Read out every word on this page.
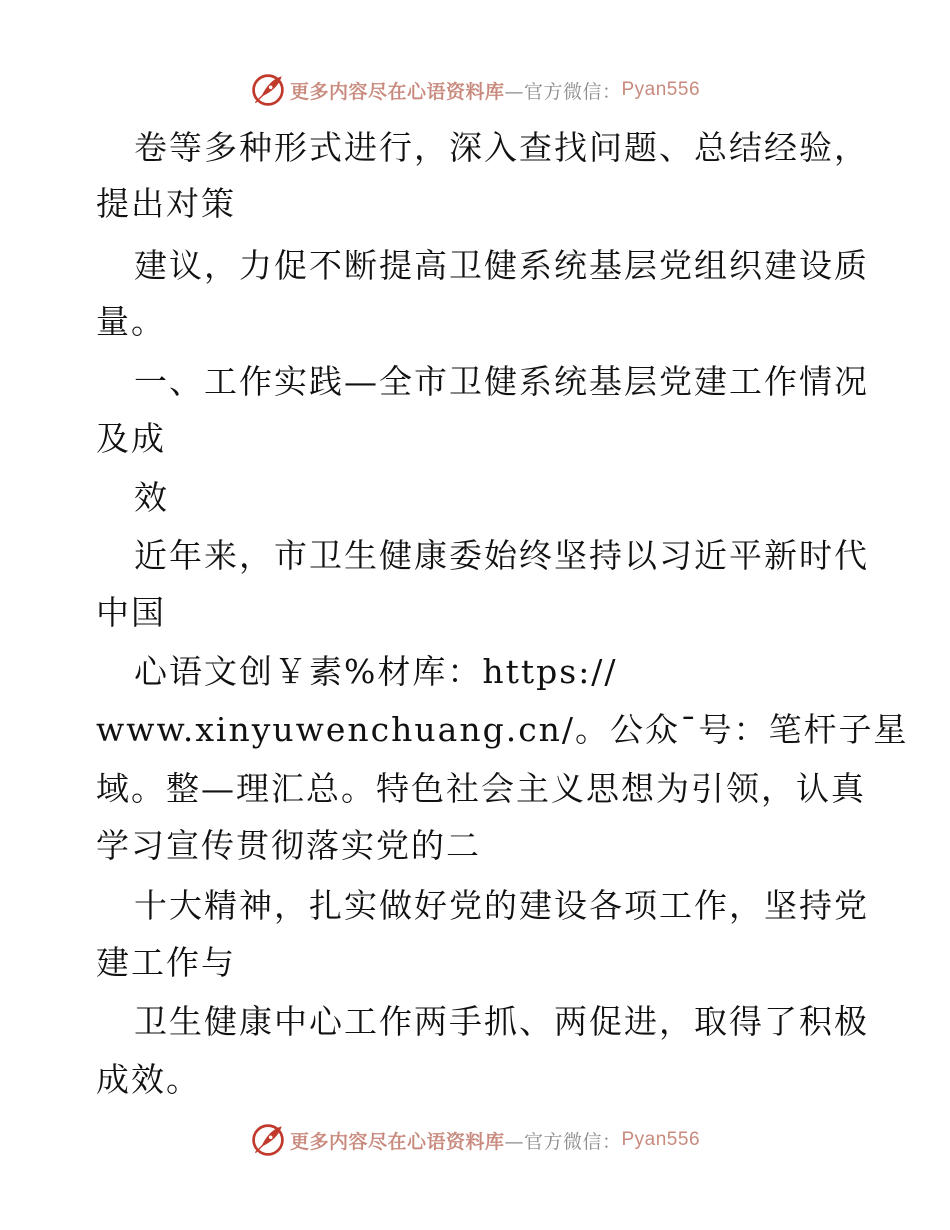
更多内容尽在心语资料库 —官方微信： Pyan556
卷等多种形式进行，深入查找问题、总结经验，
提出对策
建议，力促不断提高卫健系统基层党组织建设质
量。
一、工作实践—全市卫健系统基层党建工作情况
及成
效
近年来，市卫生健康委始终坚持以习近平新时代
中国
心语文创￥素%材库：https://
www.xinyuwenchuang.cn/。公众¯号：笔杆子星
域。整—理汇总。特色社会主义思想为引领，认真
学习宣传贯彻落实党的二
十大精神，扎实做好党的建设各项工作，坚持党
建工作与
卫生健康中心工作两手抓、两促进，取得了积极
成效。
更多内容尽在心语资料库 —官方微信： Pyan556
